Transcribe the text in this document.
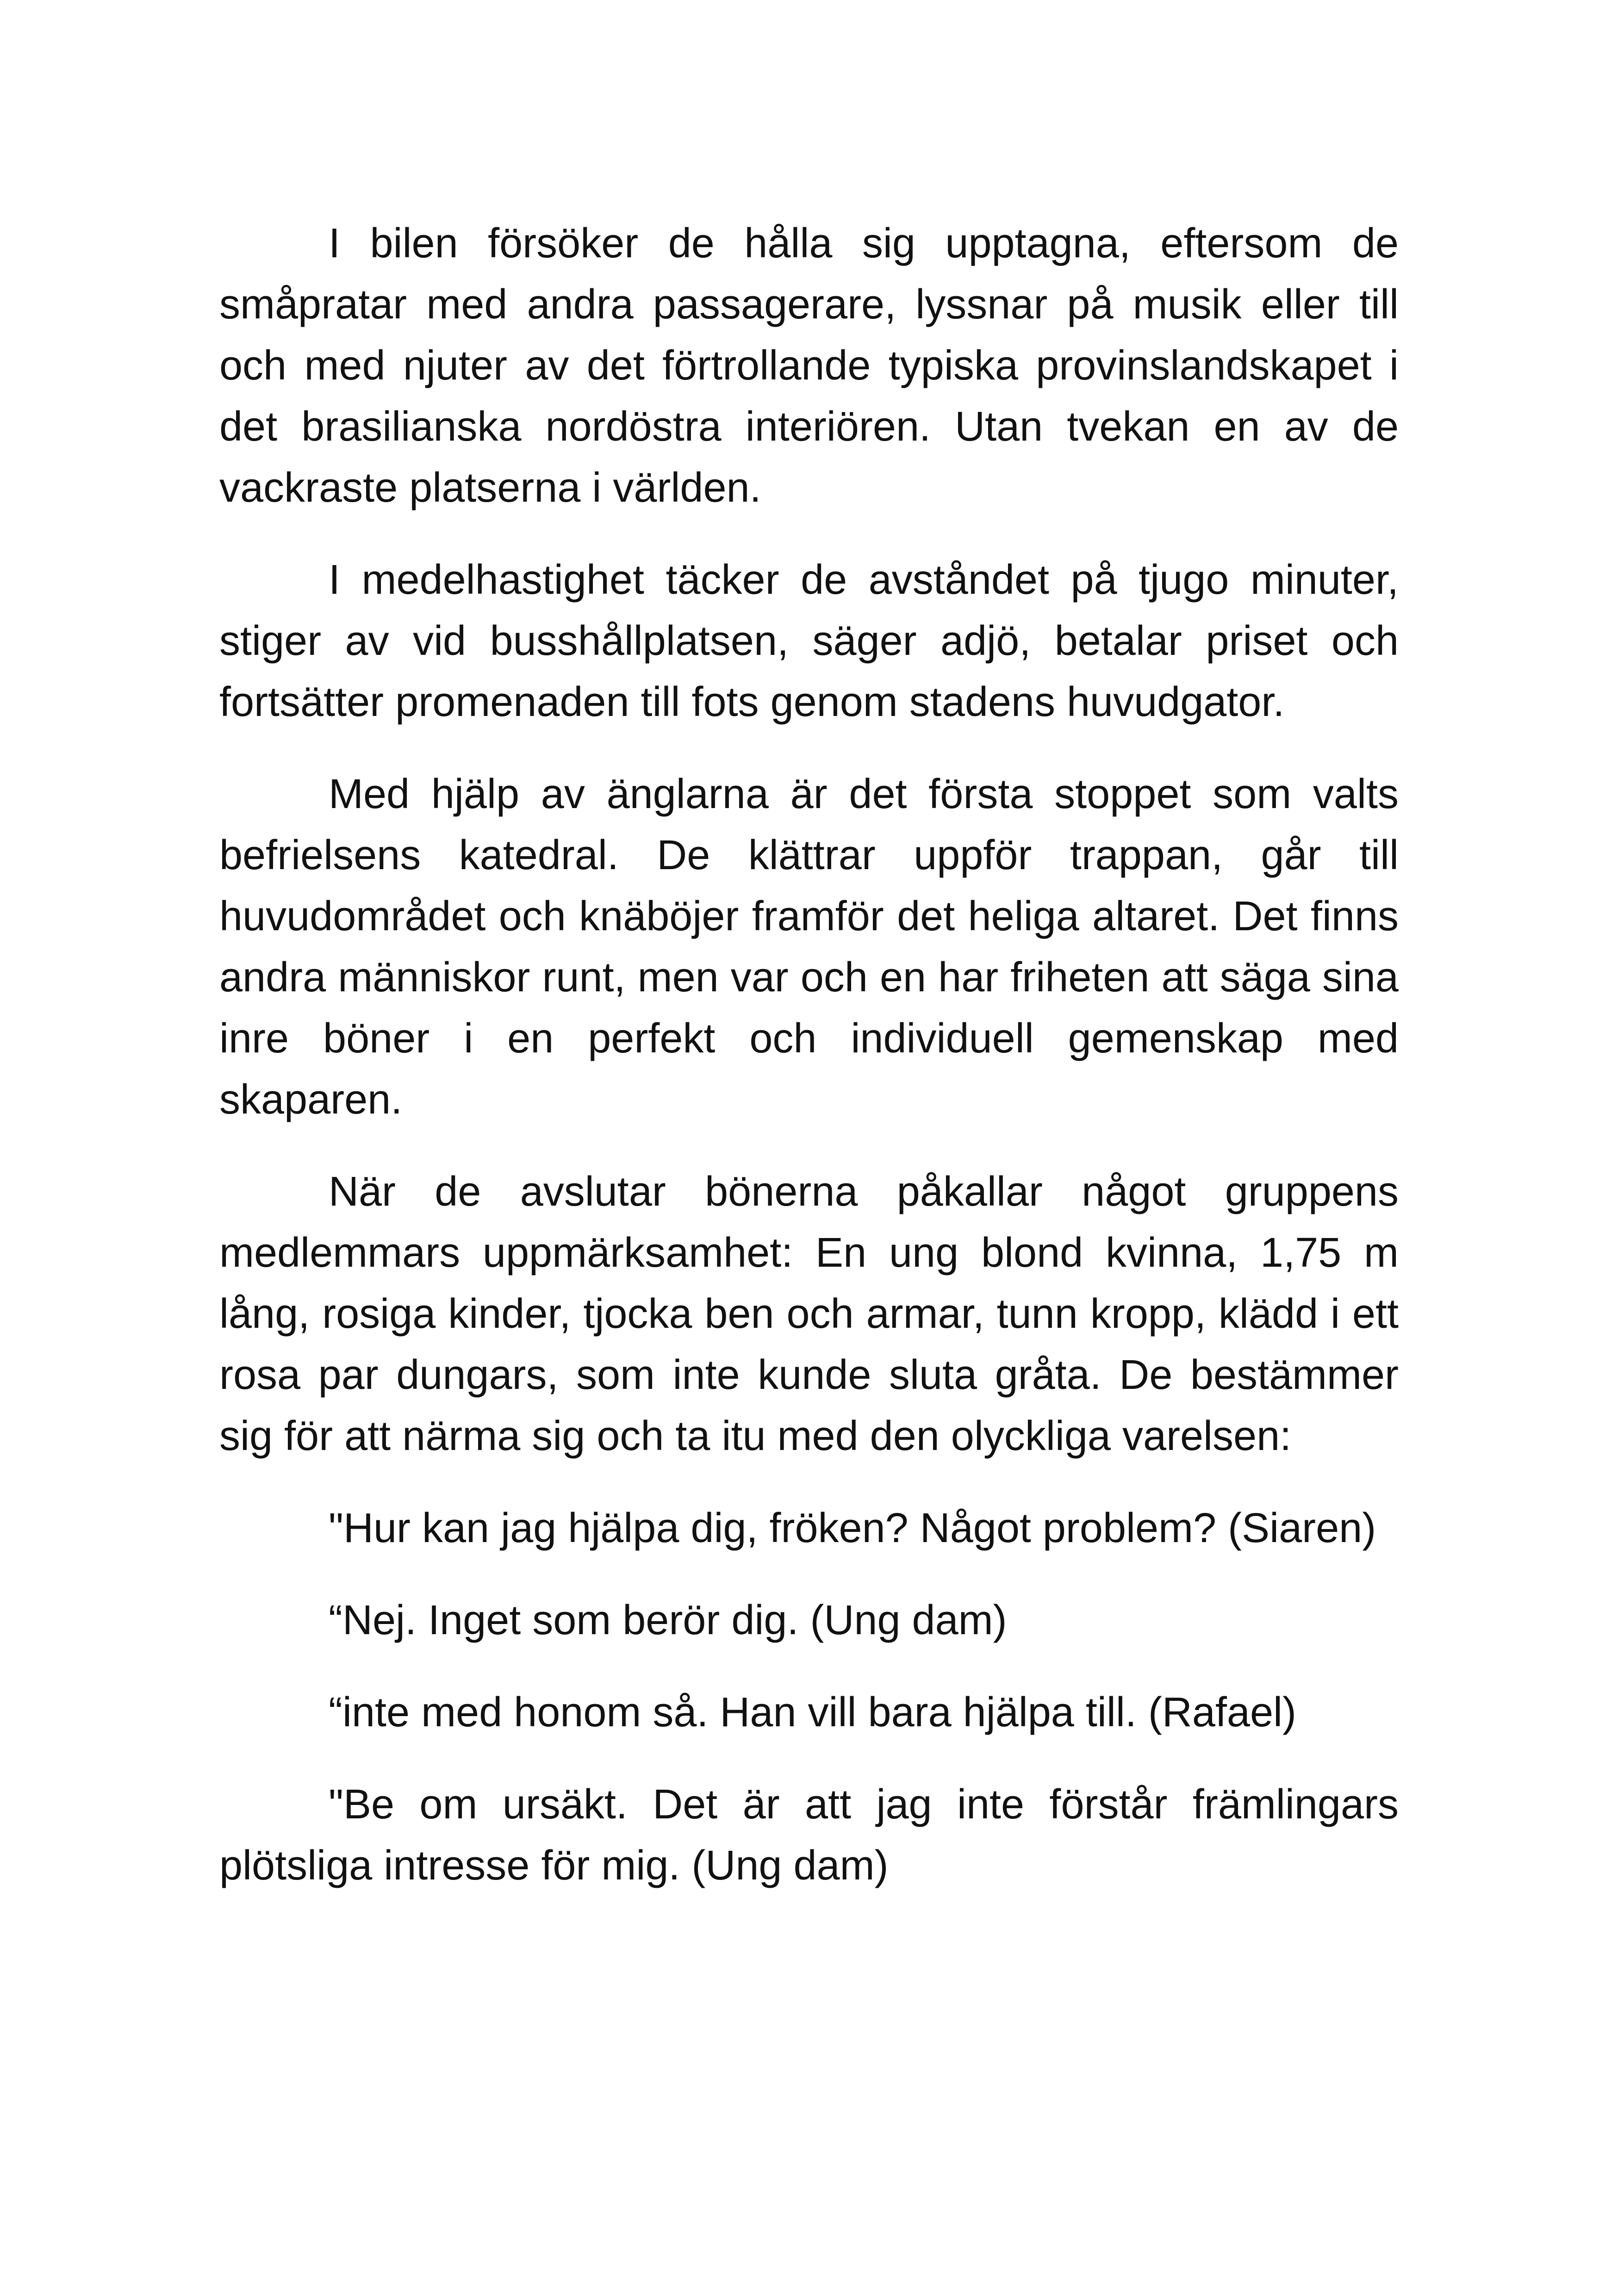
I bilen försöker de hålla sig upptagna, eftersom de småpratar med andra passagerare, lyssnar på musik eller till och med njuter av det förtrollande typiska provinslandskapet i det brasilianska nordöstra interiören. Utan tvekan en av de vackraste platserna i världen.

I medelhastighet täcker de avståndet på tjugo minuter, stiger av vid busshållplatsen, säger adjö, betalar priset och fortsätter promenaden till fots genom stadens huvudgator.

Med hjälp av änglarna är det första stoppet som valts befrielsens katedral. De klättrar uppför trappan, går till huvudområdet och knäböjer framför det heliga altaret. Det finns andra människor runt, men var och en har friheten att säga sina inre böner i en perfekt och individuell gemenskap med skaparen.

När de avslutar bönerna påkallar något gruppens medlemmars uppmärksamhet: En ung blond kvinna, 1,75 m lång, rosiga kinder, tjocka ben och armar, tunn kropp, klädd i ett rosa par dungars, som inte kunde sluta gråta. De bestämmer sig för att närma sig och ta itu med den olyckliga varelsen:

"Hur kan jag hjälpa dig, fröken? Något problem? (Siaren)

“Nej. Inget som berör dig. (Ung dam)

“inte med honom så. Han vill bara hjälpa till. (Rafael)

"Be om ursäkt. Det är att jag inte förstår främlingars plötsliga intresse för mig. (Ung dam)
